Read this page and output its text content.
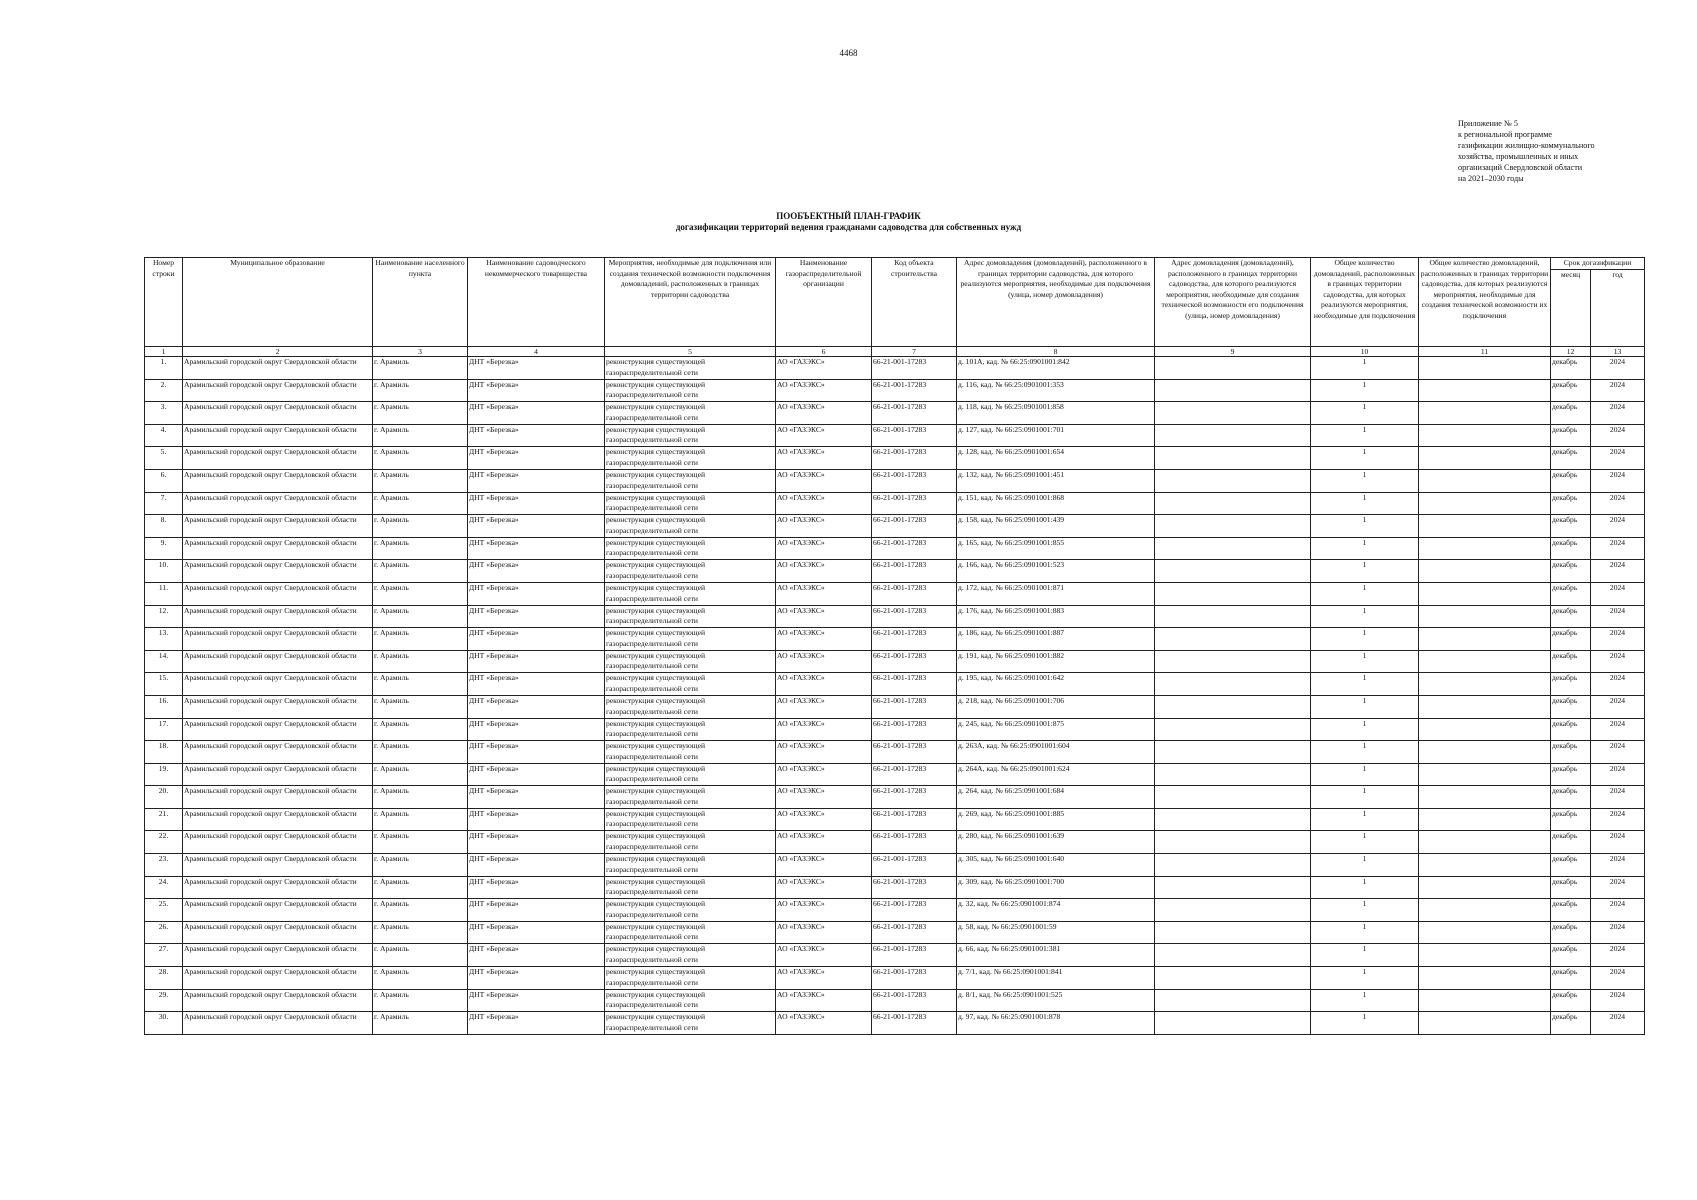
4468
Приложение № 5
к региональной программе
газификации жилищно-коммунального
хозяйства, промышленных и иных
организаций Свердловской области
на 2021–2030 годы
ПООБЪЕКТНЫЙ ПЛАН-ГРАФИК
догазификации территорий ведения гражданами садоводства для собственных нужд
Номер строки	Муниципальное образование	Наименование населенного пункта	Наименование садоводческого некоммерческого товарищества	Мероприятия, необходимые для подключения или создания технической возможности подключения домовладений, расположенных в границах территории садоводства	Наименование газораспределительной организации	Код объекта строительства	Адрес домовладения (домовладений), расположенного в границах территории садоводства, для которого реализуются мероприятия, необходимые для подключения (улица, номер домовладения)	Адрес домовладения (домовладений), расположенного в границах территории садоводства, для которого реализуются мероприятия, необходимые для создания технической возможности его подключения (улица, номер домовладения)	Общее количество домовладений, расположенных в границах территории садоводства, для которых реализуются мероприятия, необходимые для подключения	Общее количество домовладений, расположенных в границах территории садоводства, для которых реализуются мероприятия, необходимые для создания технической возможности их подключения	Срок догазификации	
											месяц	год
1	2	3	4	5	6	7	8	9	10	11	12	13
1.	Арамильский городской округ Свердловской области	г. Арамиль	ДНТ «Березка»	реконструкция существующей газораспределительной сети	АО «ГАЗЭКС»	66-21-001-17283	д. 101А, кад. № 66:25:0901001:842		1		декабрь	2024
2.	Арамильский городской округ Свердловской области	г. Арамиль	ДНТ «Березка»	реконструкция существующей газораспределительной сети	АО «ГАЗЭКС»	66-21-001-17283	д. 116, кад. № 66:25:0901001:353		1		декабрь	2024
3.	Арамильский городской округ Свердловской области	г. Арамиль	ДНТ «Березка»	реконструкция существующей газораспределительной сети	АО «ГАЗЭКС»	66-21-001-17283	д. 118, кад. № 66:25:0901001:858		1		декабрь	2024
4.	Арамильский городской округ Свердловской области	г. Арамиль	ДНТ «Березка»	реконструкция существующей газораспределительной сети	АО «ГАЗЭКС»	66-21-001-17283	д. 127, кад. № 66:25:0901001:701		1		декабрь	2024
5.	Арамильский городской округ Свердловской области	г. Арамиль	ДНТ «Березка»	реконструкция существующей газораспределительной сети	АО «ГАЗЭКС»	66-21-001-17283	д. 128, кад. № 66:25:0901001:654		1		декабрь	2024
6.	Арамильский городской округ Свердловской области	г. Арамиль	ДНТ «Березка»	реконструкция существующей газораспределительной сети	АО «ГАЗЭКС»	66-21-001-17283	д. 132, кад. № 66:25:0901001:451		1		декабрь	2024
7.	Арамильский городской округ Свердловской области	г. Арамиль	ДНТ «Березка»	реконструкция существующей газораспределительной сети	АО «ГАЗЭКС»	66-21-001-17283	д. 151, кад. № 66:25:0901001:868		1		декабрь	2024
8.	Арамильский городской округ Свердловской области	г. Арамиль	ДНТ «Березка»	реконструкция существующей газораспределительной сети	АО «ГАЗЭКС»	66-21-001-17283	д. 158, кад. № 66:25:0901001:439		1		декабрь	2024
9.	Арамильский городской округ Свердловской области	г. Арамиль	ДНТ «Березка»	реконструкция существующей газораспределительной сети	АО «ГАЗЭКС»	66-21-001-17283	д. 165, кад. № 66:25:0901001:855		1		декабрь	2024
10.	Арамильский городской округ Свердловской области	г. Арамиль	ДНТ «Березка»	реконструкция существующей газораспределительной сети	АО «ГАЗЭКС»	66-21-001-17283	д. 166, кад. № 66:25:0901001:523		1		декабрь	2024
11.	Арамильский городской округ Свердловской области	г. Арамиль	ДНТ «Березка»	реконструкция существующей газораспределительной сети	АО «ГАЗЭКС»	66-21-001-17283	д. 172, кад. № 66:25:0901001:871		1		декабрь	2024
12.	Арамильский городской округ Свердловской области	г. Арамиль	ДНТ «Березка»	реконструкция существующей газораспределительной сети	АО «ГАЗЭКС»	66-21-001-17283	д. 176, кад. № 66:25:0901001:883		1		декабрь	2024
13.	Арамильский городской округ Свердловской области	г. Арамиль	ДНТ «Березка»	реконструкция существующей газораспределительной сети	АО «ГАЗЭКС»	66-21-001-17283	д. 186, кад. № 66:25:0901001:887		1		декабрь	2024
14.	Арамильский городской округ Свердловской области	г. Арамиль	ДНТ «Березка»	реконструкция существующей газораспределительной сети	АО «ГАЗЭКС»	66-21-001-17283	д. 191, кад. № 66:25:0901001:882		1		декабрь	2024
15.	Арамильский городской округ Свердловской области	г. Арамиль	ДНТ «Березка»	реконструкция существующей газораспределительной сети	АО «ГАЗЭКС»	66-21-001-17283	д. 195, кад. № 66:25:0901001:642		1		декабрь	2024
16.	Арамильский городской округ Свердловской области	г. Арамиль	ДНТ «Березка»	реконструкция существующей газораспределительной сети	АО «ГАЗЭКС»	66-21-001-17283	д. 218, кад. № 66:25:0901001:706		1		декабрь	2024
17.	Арамильский городской округ Свердловской области	г. Арамиль	ДНТ «Березка»	реконструкция существующей газораспределительной сети	АО «ГАЗЭКС»	66-21-001-17283	д. 245, кад. № 66:25:0901001:875		1		декабрь	2024
18.	Арамильский городской округ Свердловской области	г. Арамиль	ДНТ «Березка»	реконструкция существующей газораспределительной сети	АО «ГАЗЭКС»	66-21-001-17283	д. 263А, кад. № 66:25:0901001:604		1		декабрь	2024
19.	Арамильский городской округ Свердловской области	г. Арамиль	ДНТ «Березка»	реконструкция существующей газораспределительной сети	АО «ГАЗЭКС»	66-21-001-17283	д. 264А, кад. № 66:25:0901001:624		1		декабрь	2024
20.	Арамильский городской округ Свердловской области	г. Арамиль	ДНТ «Березка»	реконструкция существующей газораспределительной сети	АО «ГАЗЭКС»	66-21-001-17283	д. 264, кад. № 66:25:0901001:684		1		декабрь	2024
21.	Арамильский городской округ Свердловской области	г. Арамиль	ДНТ «Березка»	реконструкция существующей газораспределительной сети	АО «ГАЗЭКС»	66-21-001-17283	д. 269, кад. № 66:25:0901001:885		1		декабрь	2024
22.	Арамильский городской округ Свердловской области	г. Арамиль	ДНТ «Березка»	реконструкция существующей газораспределительной сети	АО «ГАЗЭКС»	66-21-001-17283	д. 280, кад. № 66:25:0901001:639		1		декабрь	2024
23.	Арамильский городской округ Свердловской области	г. Арамиль	ДНТ «Березка»	реконструкция существующей газораспределительной сети	АО «ГАЗЭКС»	66-21-001-17283	д. 305, кад. № 66:25:0901001:640		1		декабрь	2024
24.	Арамильский городской округ Свердловской области	г. Арамиль	ДНТ «Березка»	реконструкция существующей газораспределительной сети	АО «ГАЗЭКС»	66-21-001-17283	д. 309, кад. № 66:25:0901001:700		1		декабрь	2024
25.	Арамильский городской округ Свердловской области	г. Арамиль	ДНТ «Березка»	реконструкция существующей газораспределительной сети	АО «ГАЗЭКС»	66-21-001-17283	д. 32, кад. № 66:25:0901001:874		1		декабрь	2024
26.	Арамильский городской округ Свердловской области	г. Арамиль	ДНТ «Березка»	реконструкция существующей газораспределительной сети	АО «ГАЗЭКС»	66-21-001-17283	д. 58, кад. № 66:25:0901001:59		1		декабрь	2024
27.	Арамильский городской округ Свердловской области	г. Арамиль	ДНТ «Березка»	реконструкция существующей газораспределительной сети	АО «ГАЗЭКС»	66-21-001-17283	д. 66, кад. № 66:25:0901001:381		1		декабрь	2024
28.	Арамильский городской округ Свердловской области	г. Арамиль	ДНТ «Березка»	реконструкция существующей газораспределительной сети	АО «ГАЗЭКС»	66-21-001-17283	д. 7/1, кад. № 66:25:0901001:841		1		декабрь	2024
29.	Арамильский городской округ Свердловской области	г. Арамиль	ДНТ «Березка»	реконструкция существующей газораспределительной сети	АО «ГАЗЭКС»	66-21-001-17283	д. 8/1, кад. № 66:25:0901001:525		1		декабрь	2024
30.	Арамильский городской округ Свердловской области	г. Арамиль	ДНТ «Березка»	реконструкция существующей газораспределительной сети	АО «ГАЗЭКС»	66-21-001-17283	д. 97, кад. № 66:25:0901001:878		1		декабрь	2024
